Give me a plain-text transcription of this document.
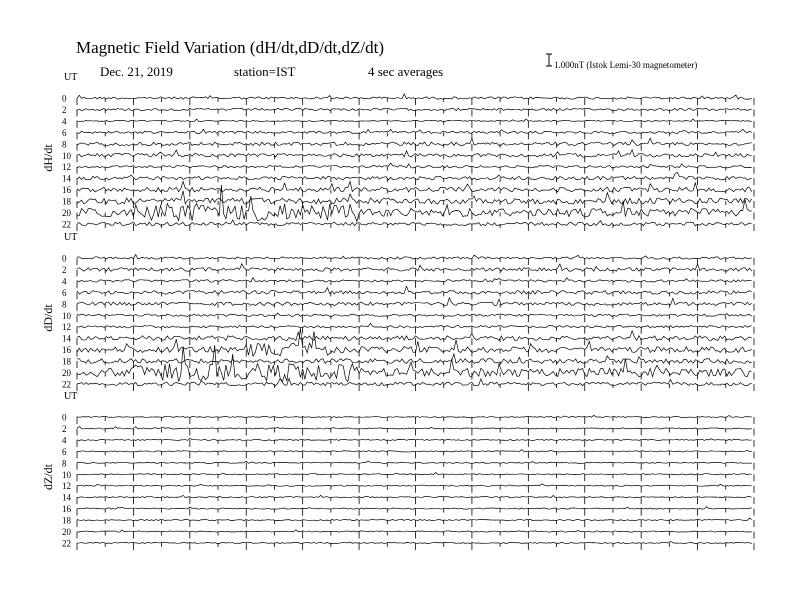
Magnetic Field Variation (dH/dt,dD/dt,dZ/dt)
Dec. 21, 2019	station=IST	4 sec averages	1.000nT (Istok Lemi-30 magnetometer)
UT
dH/dt
0
2
4
6
8
10
12
14
16
18
20
22
UT
dD/dt
0
2
4
6
8
10
12
14
16
18
20
22
UT
dZ/dt
0
2
4
6
8
10
12
14
16
18
20
22
